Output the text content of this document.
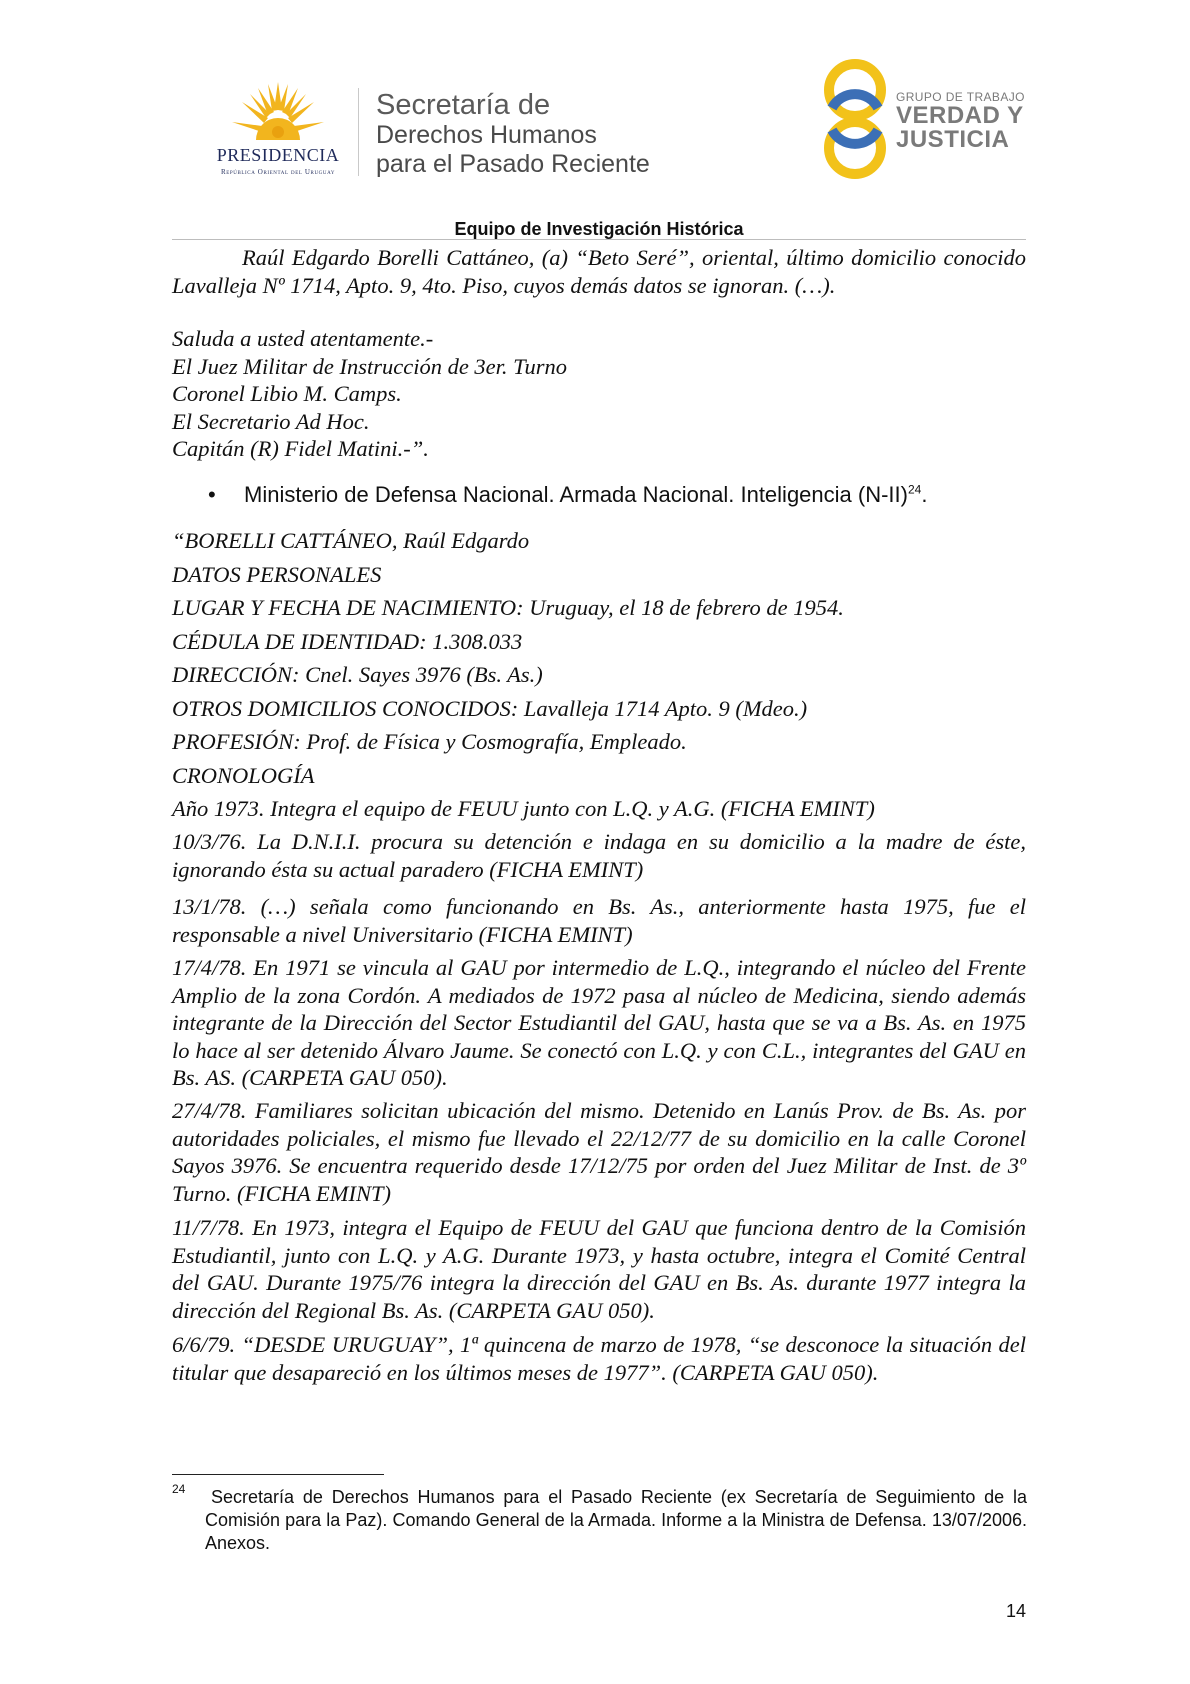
PRESIDENCIA
República Oriental del Uruguay
Secretaría de
Derechos Humanos
para el Pasado Reciente
GRUPO DE TRABAJO
VERDAD Y
JUSTICIA
Equipo de Investigación Histórica
Raúl Edgardo Borelli Cattáneo, (a) “Beto Seré”, oriental, último domicilio conocido Lavalleja Nº 1714, Apto. 9, 4to. Piso, cuyos demás datos se ignoran. (…).
Saluda a usted atentamente.-
El Juez Militar de Instrucción de 3er. Turno
Coronel Libio M. Camps.
El Secretario Ad Hoc.
Capitán (R) Fidel Matini.-”.
• Ministerio de Defensa Nacional. Armada Nacional. Inteligencia $(N-II)^{24}$.
“BORELLI CATTÁNEO, Raúl Edgardo
DATOS PERSONALES
LUGAR Y FECHA DE NACIMIENTO: Uruguay, el 18 de febrero de 1954.
CÉDULA DE IDENTIDAD: 1.308.033
DIRECCIÓN: Cnel. Sayes 3976 (Bs. As.)
OTROS DOMICILIOS CONOCIDOS: Lavalleja 1714 Apto. 9 (Mdeo.)
PROFESIÓN: Prof. de Física y Cosmografía, Empleado.
CRONOLOGÍA
Año 1973. Integra el equipo de FEUU junto con L.Q. y A.G. (FICHA EMINT)
10/3/76. La D.N.I.I. procura su detención e indaga en su domicilio a la madre de éste, ignorando ésta su actual paradero (FICHA EMINT)
13/1/78. (…) señala como funcionando en Bs. As., anteriormente hasta 1975, fue el responsable a nivel Universitario (FICHA EMINT)
17/4/78. En 1971 se vincula al GAU por intermedio de L.Q., integrando el núcleo del Frente Amplio de la zona Cordón. A mediados de 1972 pasa al núcleo de Medicina, siendo además integrante de la Dirección del Sector Estudiantil del GAU, hasta que se va a Bs. As. en 1975 lo hace al ser detenido Álvaro Jaume. Se conectó con L.Q. y con C.L., integrantes del GAU en Bs. AS. (CARPETA GAU 050).
27/4/78. Familiares solicitan ubicación del mismo. Detenido en Lanús Prov. de Bs. As. por autoridades policiales, el mismo fue llevado el 22/12/77 de su domicilio en la calle Coronel Sayos 3976. Se encuentra requerido desde 17/12/75 por orden del Juez Militar de Inst. de 3º Turno. (FICHA EMINT)
11/7/78. En 1973, integra el Equipo de FEUU del GAU que funciona dentro de la Comisión Estudiantil, junto con L.Q. y A.G. Durante 1973, y hasta octubre, integra el Comité Central del GAU. Durante 1975/76 integra la dirección del GAU en Bs. As. durante 1977 integra la dirección del Regional Bs. As. (CARPETA GAU 050).
6/6/79. “DESDE URUGUAY”, 1ª quincena de marzo de 1978, “se desconoce la situación del titular que desapareció en los últimos meses de 1977”. (CARPETA GAU 050).
24	Secretaría de Derechos Humanos para el Pasado Reciente (ex Secretaría de Seguimiento de la Comisión para la Paz). Comando General de la Armada. Informe a la Ministra de Defensa. 13/07/2006. Anexos.
14
